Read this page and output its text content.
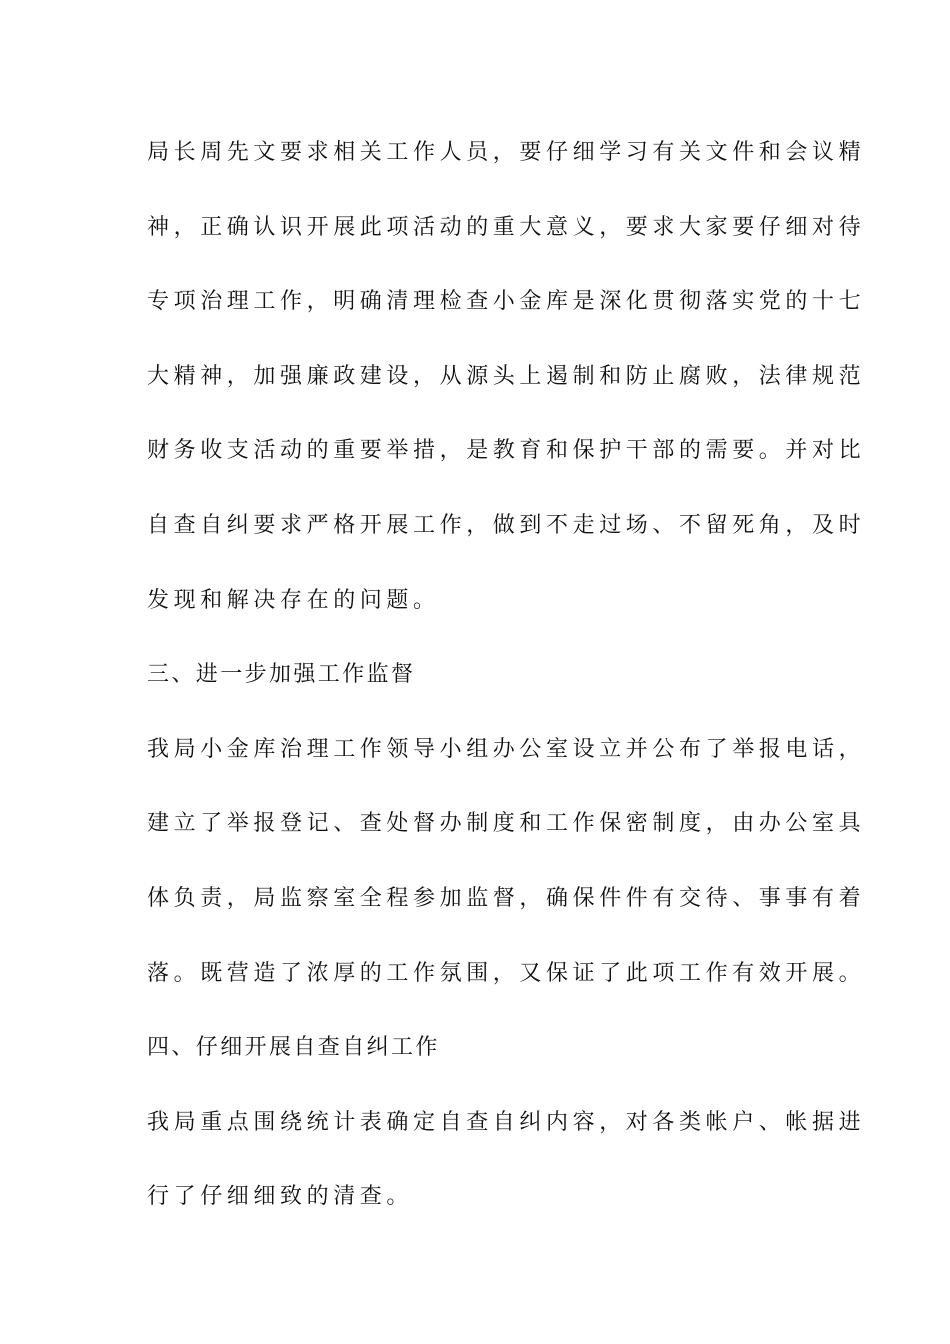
局长周先文要求相关工作人员，要仔细学习有关文件和会议精
神，正确认识开展此项活动的重大意义，要求大家要仔细对待
专项治理工作，明确清理检查小金库是深化贯彻落实党的十七
大精神，加强廉政建设，从源头上遏制和防止腐败，法律规范
财务收支活动的重要举措，是教育和保护干部的需要。并对比
自查自纠要求严格开展工作，做到不走过场、不留死角，及时
发现和解决存在的问题。
三、进一步加强工作监督
我局小金库治理工作领导小组办公室设立并公布了举报电话，
建立了举报登记、查处督办制度和工作保密制度，由办公室具
体负责，局监察室全程参加监督，确保件件有交待、事事有着
落。既营造了浓厚的工作氛围，又保证了此项工作有效开展。
四、仔细开展自查自纠工作
我局重点围绕统计表确定自查自纠内容，对各类帐户、帐据进
行了仔细细致的清查。
